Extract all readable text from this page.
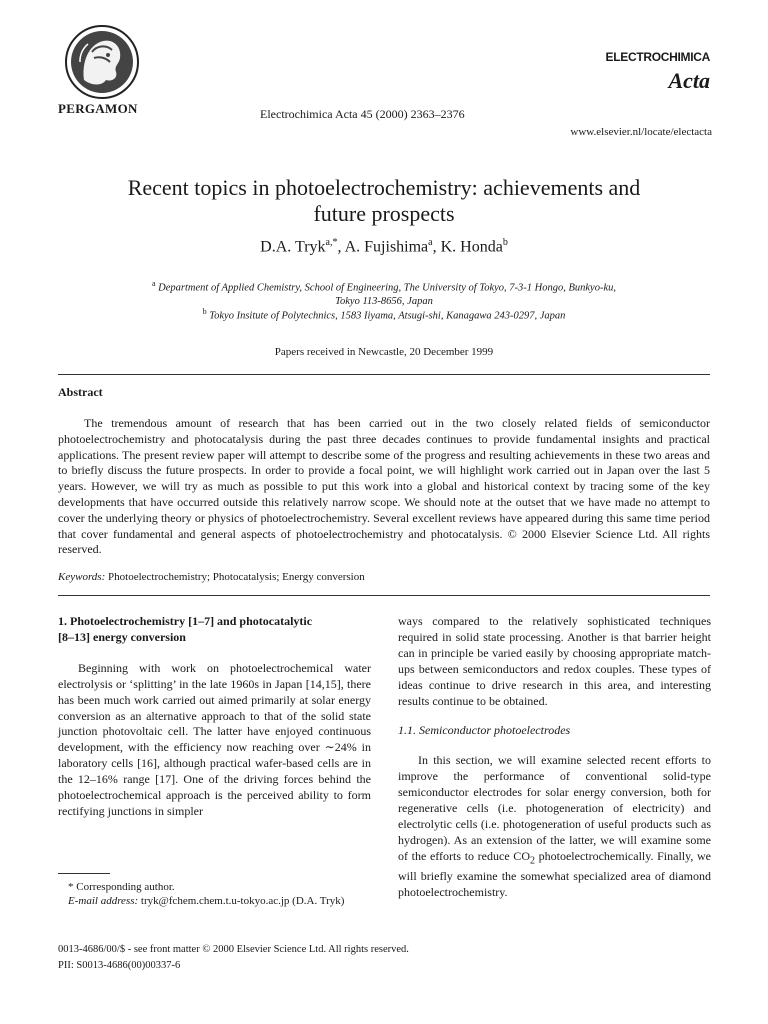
PERGAMON	Electrochimica Acta 45 (2000) 2363–2376
ELECTROCHIMICA
Acta
www.elsevier.nl/locate/electacta
Recent topics in photoelectrochemistry: achievements and
future prospects
D.A. Tryk$^{a,*}$, A. Fujishima$^a$, K. Honda$^b$
$^a$ Department of Applied Chemistry, School of Engineering, The University of Tokyo, 7-3-1 Hongo, Bunkyo-ku,
Tokyo 113-8656, Japan
$^b$ Tokyo Insitute of Polytechnics, 1583 Iiyama, Atsugi-shi, Kanagawa 243-0297, Japan
Papers received in Newcastle, 20 December 1999
Abstract
The tremendous amount of research that has been carried out in the two closely related fields of semiconductor photoelectrochemistry and photocatalysis during the past three decades continues to provide fundamental insights and practical applications. The present review paper will attempt to describe some of the progress and resulting achievements in these two areas and to briefly discuss the future prospects. In order to provide a focal point, we will highlight work carried out in Japan over the last 5 years. However, we will try as much as possible to put this work into a global and historical context by tracing some of the key developments that have occurred outside this relatively narrow scope. We should note at the outset that we have made no attempt to cover the underlying theory or physics of photoelectrochemistry. Several excellent reviews have appeared during this same time period that cover fundamental and general aspects of photoelectrochemistry and photocatalysis. © 2000 Elsevier Science Ltd. All rights reserved.
Keywords: Photoelectrochemistry; Photocatalysis; Energy conversion

1. Photoelectrochemistry [1–7] and photocatalytic
[8–13] energy conversion

Beginning with work on photoelectrochemical water electrolysis or ‘splitting’ in the late 1960s in Japan [14,15], there has been much work carried out aimed primarily at solar energy conversion as an alternative approach to that of the solid state junction photovoltaic cell. The latter have enjoyed continuous development, with the efficiency now reaching over ∼24% in laboratory cells [16], although practical wafer-based cells are in the 12–16% range [17]. One of the driving forces behind the photoelectrochemical approach is the perceived ability to form rectifying junctions in simpler

* Corresponding author.
E-mail address: tryk@fchem.chem.t.u-tokyo.ac.jp (D.A. Tryk)

ways compared to the relatively sophisticated techniques required in solid state processing. Another is that barrier height can in principle be varied easily by choosing appropriate match-ups between semiconductors and redox couples. These types of ideas continue to drive research in this area, and interesting results continue to be obtained.

1.1. Semiconductor photoelectrodes

In this section, we will examine selected recent efforts to improve the performance of conventional solid-type semiconductor electrodes for solar energy conversion, both for regenerative cells (i.e. photogeneration of electricity) and electrolytic cells (i.e. photogeneration of useful products such as hydrogen). As an extension of the latter, we will examine some of the efforts to reduce $CO_2$ photoelectrochemically. Finally, we will briefly examine the somewhat specialized area of diamond photoelectrochemistry.

0013-4686/00/$ - see front matter © 2000 Elsevier Science Ltd. All rights reserved.
PII: S0013-4686(00)00337-6
